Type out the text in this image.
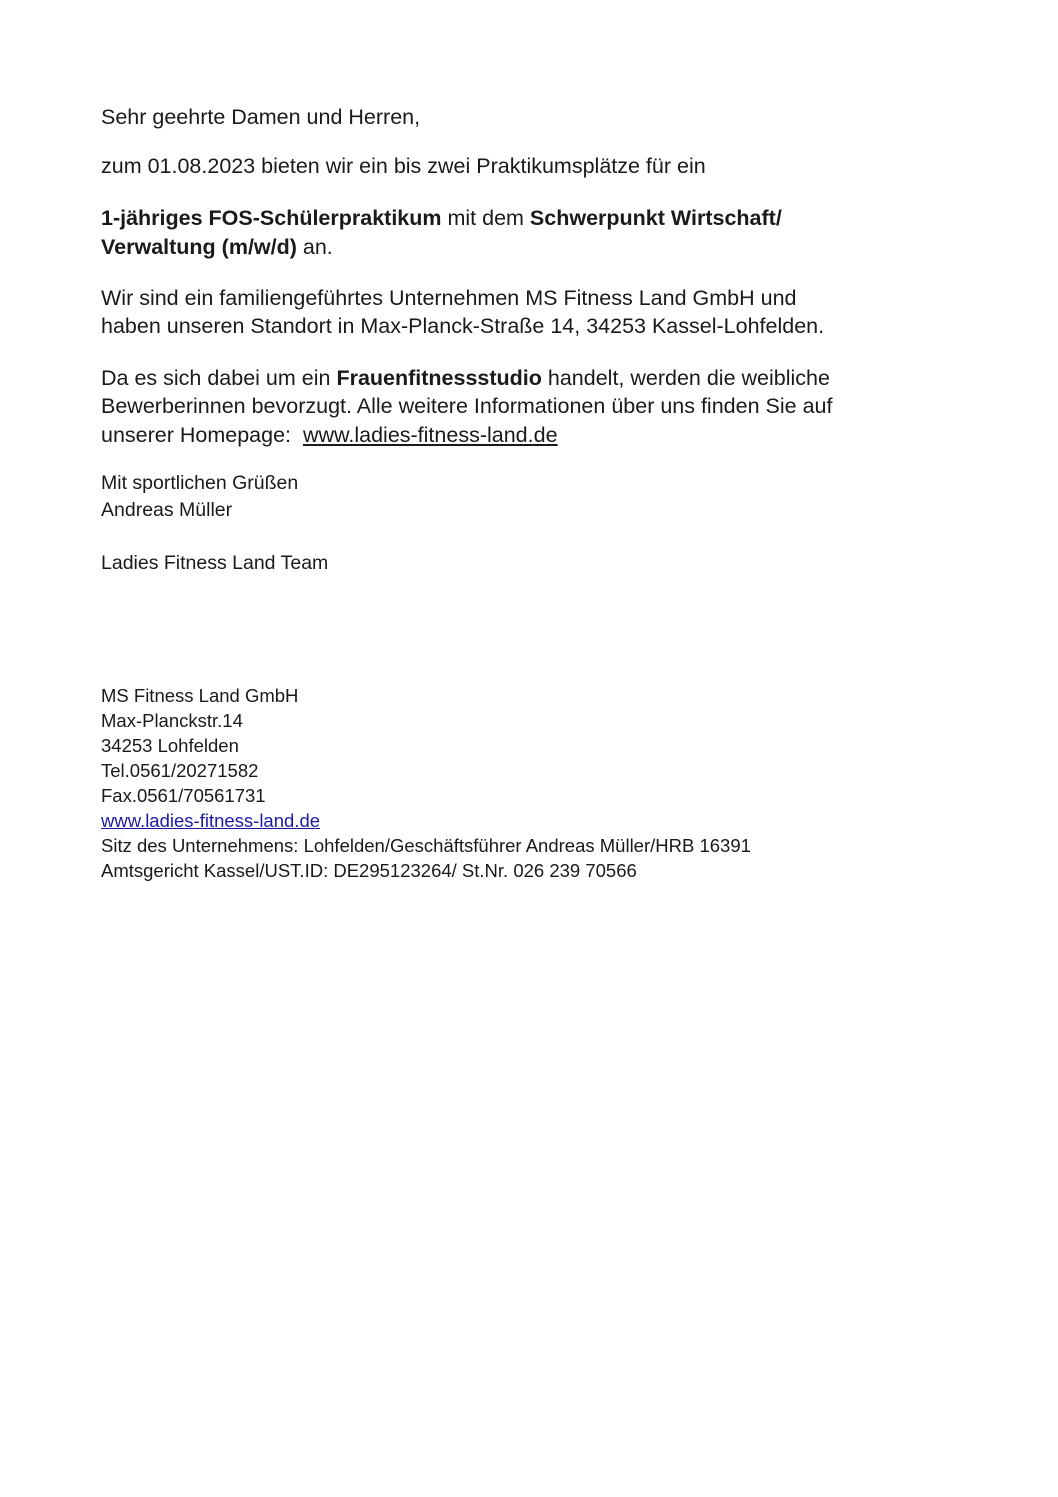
Sehr geehrte Damen und Herren,
zum 01.08.2023 bieten wir ein bis zwei Praktikumsplätze für ein
1-jähriges FOS-Schülerpraktikum mit dem Schwerpunkt Wirtschaft/
Verwaltung (m/w/d) an.
Wir sind ein familiengeführtes Unternehmen MS Fitness Land GmbH und
haben unseren Standort in Max-Planck-Straße 14, 34253 Kassel-Lohfelden.
Da es sich dabei um ein Frauenfitnessstudio handelt, werden die weibliche
Bewerberinnen bevorzugt. Alle weitere Informationen über uns finden Sie auf
unserer Homepage:  www.ladies-fitness-land.de
Mit sportlichen Grüßen
Andreas Müller
Ladies Fitness Land Team
MS Fitness Land GmbH
Max-Planckstr.14
34253 Lohfelden
Tel.0561/20271582
Fax.0561/70561731
www.ladies-fitness-land.de
Sitz des Unternehmens: Lohfelden/Geschäftsführer Andreas Müller/HRB 16391
Amtsgericht Kassel/UST.ID: DE295123264/ St.Nr. 026 239 70566
